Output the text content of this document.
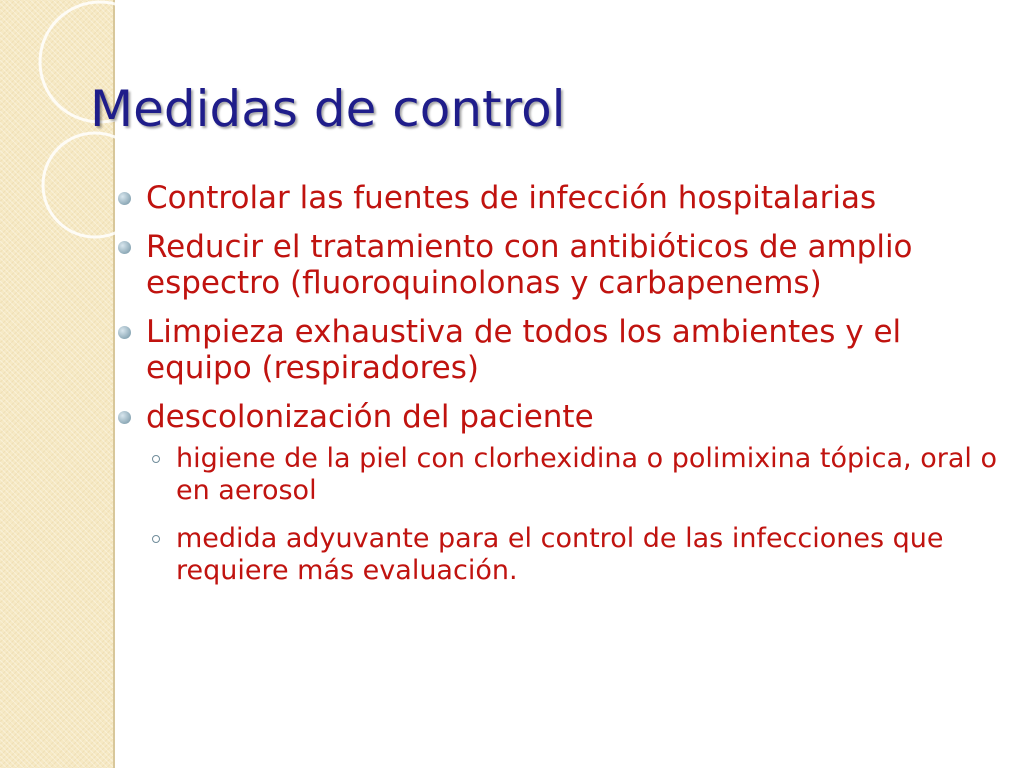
Medidas de control
Controlar las fuentes de infección hospitalarias
Reducir el tratamiento con antibióticos de amplio espectro (fluoroquinolonas y carbapenems)
Limpieza exhaustiva de todos los ambientes y el equipo (respiradores)
descolonización del paciente
higiene de la piel con clorhexidina o polimixina tópica, oral o en aerosol
medida adyuvante para el control de las infecciones que requiere más evaluación.
